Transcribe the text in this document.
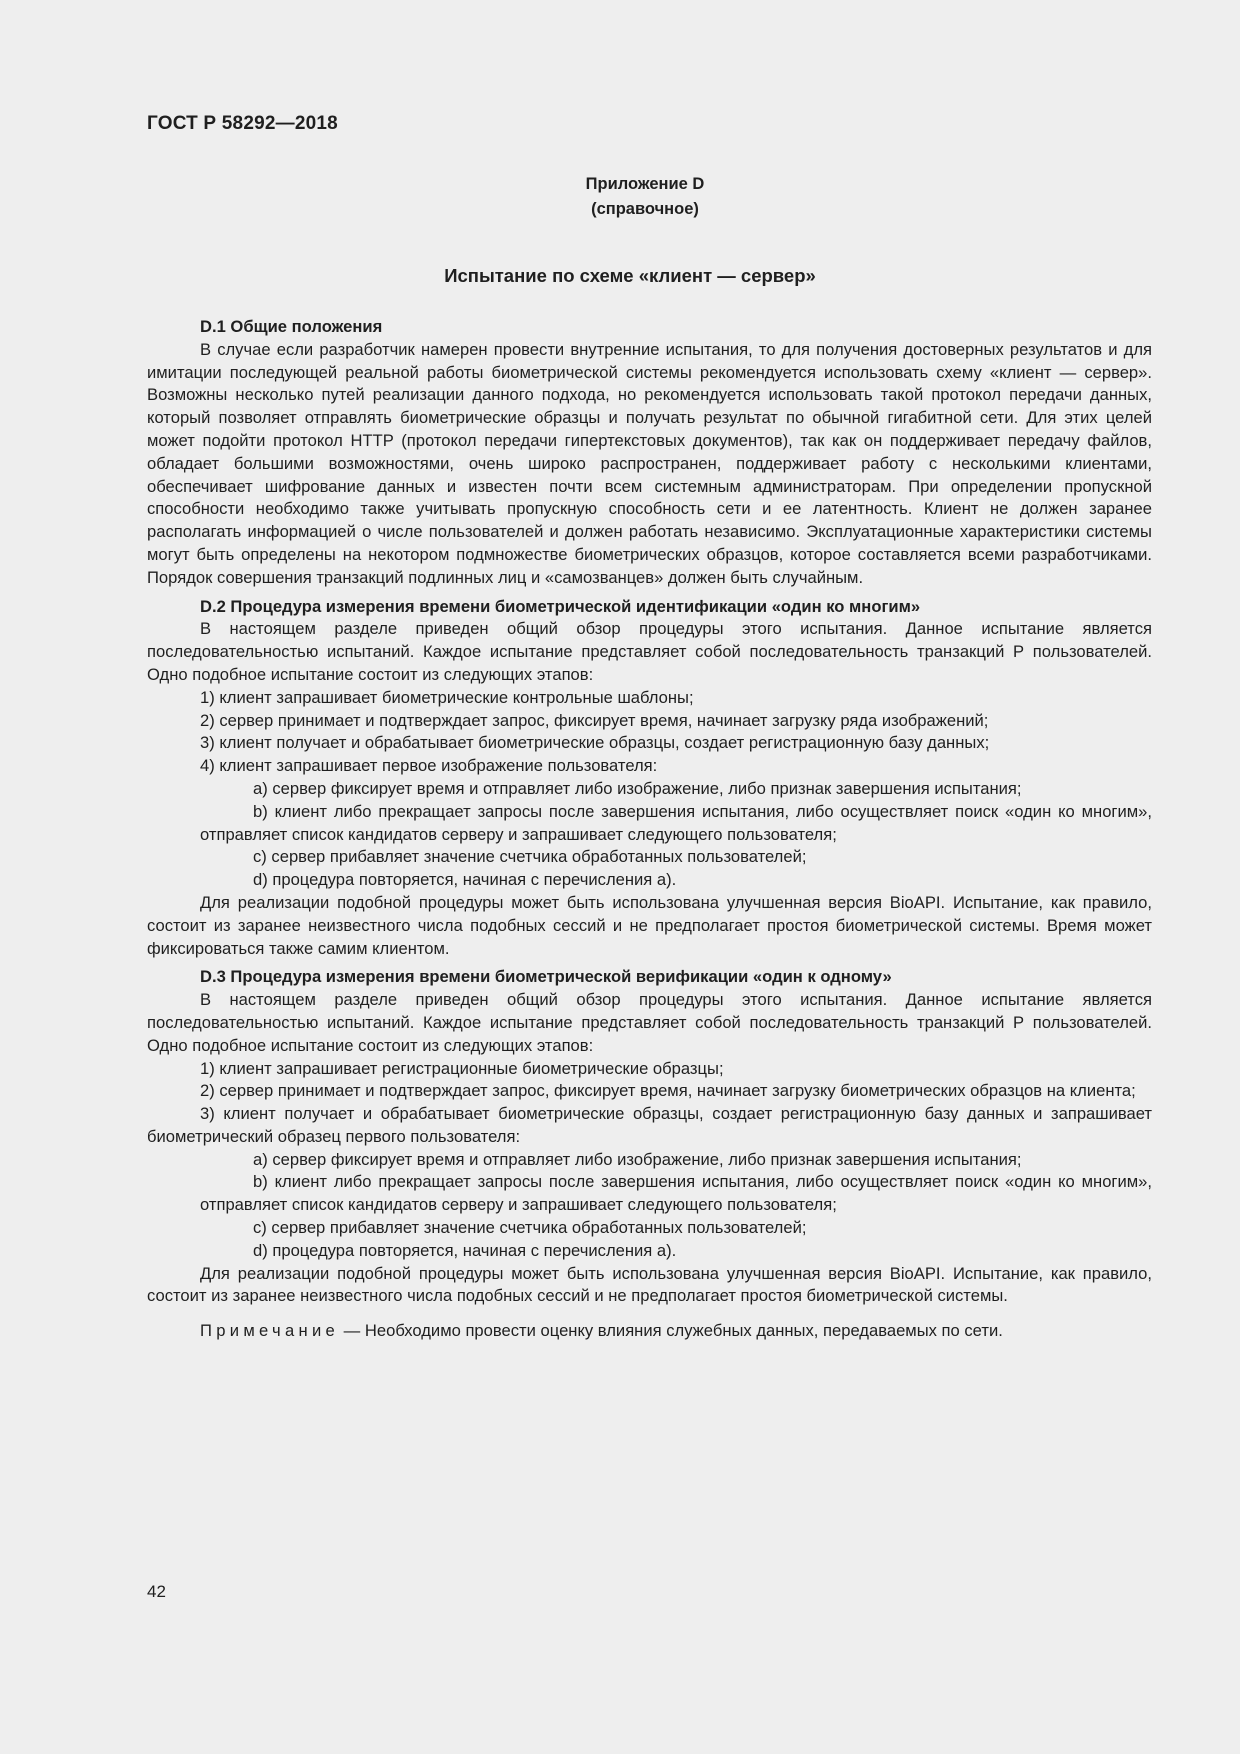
ГОСТ Р 58292—2018
Приложение D
(справочное)
Испытание по схеме «клиент — сервер»

D.1 Общие положения

В случае если разработчик намерен провести внутренние испытания, то для получения достоверных результатов и для имитации последующей реальной работы биометрической системы рекомендуется использовать схему «клиент — сервер». Возможны несколько путей реализации данного подхода, но рекомендуется использовать такой протокол передачи данных, который позволяет отправлять биометрические образцы и получать результат по обычной гигабитной сети. Для этих целей может подойти протокол HTTP (протокол передачи гипертекстовых документов), так как он поддерживает передачу файлов, обладает большими возможностями, очень широко распространен, поддерживает работу с несколькими клиентами, обеспечивает шифрование данных и известен почти всем системным администраторам. При определении пропускной способности необходимо также учитывать пропускную способность сети и ее латентность. Клиент не должен заранее располагать информацией о числе пользователей и должен работать независимо. Эксплуатационные характеристики системы могут быть определены на некотором подмножестве биометрических образцов, которое составляется всеми разработчиками. Порядок совершения транзакций подлинных лиц и «самозванцев» должен быть случайным.

D.2 Процедура измерения времени биометрической идентификации «один ко многим»

В настоящем разделе приведен общий обзор процедуры этого испытания. Данное испытание является последовательностью испытаний. Каждое испытание представляет собой последовательность транзакций Р пользователей. Одно подобное испытание состоит из следующих этапов:

1) клиент запрашивает биометрические контрольные шаблоны;

2) сервер принимает и подтверждает запрос, фиксирует время, начинает загрузку ряда изображений;

3) клиент получает и обрабатывает биометрические образцы, создает регистрационную базу данных;

4) клиент запрашивает первое изображение пользователя:

a) сервер фиксирует время и отправляет либо изображение, либо признак завершения испытания;

b) клиент либо прекращает запросы после завершения испытания, либо осуществляет поиск «один ко многим», отправляет список кандидатов серверу и запрашивает следующего пользователя;

c) сервер прибавляет значение счетчика обработанных пользователей;

d) процедура повторяется, начиная с перечисления а).

Для реализации подобной процедуры может быть использована улучшенная версия BioAPI. Испытание, как правило, состоит из заранее неизвестного числа подобных сессий и не предполагает простоя биометрической системы. Время может фиксироваться также самим клиентом.

D.3 Процедура измерения времени биометрической верификации «один к одному»

В настоящем разделе приведен общий обзор процедуры этого испытания. Данное испытание является последовательностью испытаний. Каждое испытание представляет собой последовательность транзакций Р пользователей. Одно подобное испытание состоит из следующих этапов:

1) клиент запрашивает регистрационные биометрические образцы;

2) сервер принимает и подтверждает запрос, фиксирует время, начинает загрузку биометрических образцов на клиента;

3) клиент получает и обрабатывает биометрические образцы, создает регистрационную базу данных и запрашивает биометрический образец первого пользователя:

a) сервер фиксирует время и отправляет либо изображение, либо признак завершения испытания;

b) клиент либо прекращает запросы после завершения испытания, либо осуществляет поиск «один ко многим», отправляет список кандидатов серверу и запрашивает следующего пользователя;

c) сервер прибавляет значение счетчика обработанных пользователей;

d) процедура повторяется, начиная с перечисления а).

Для реализации подобной процедуры может быть использована улучшенная версия BioAPI. Испытание, как правило, состоит из заранее неизвестного числа подобных сессий и не предполагает простоя биометрической системы.

Примечание — Необходимо провести оценку влияния служебных данных, передаваемых по сети.

42
